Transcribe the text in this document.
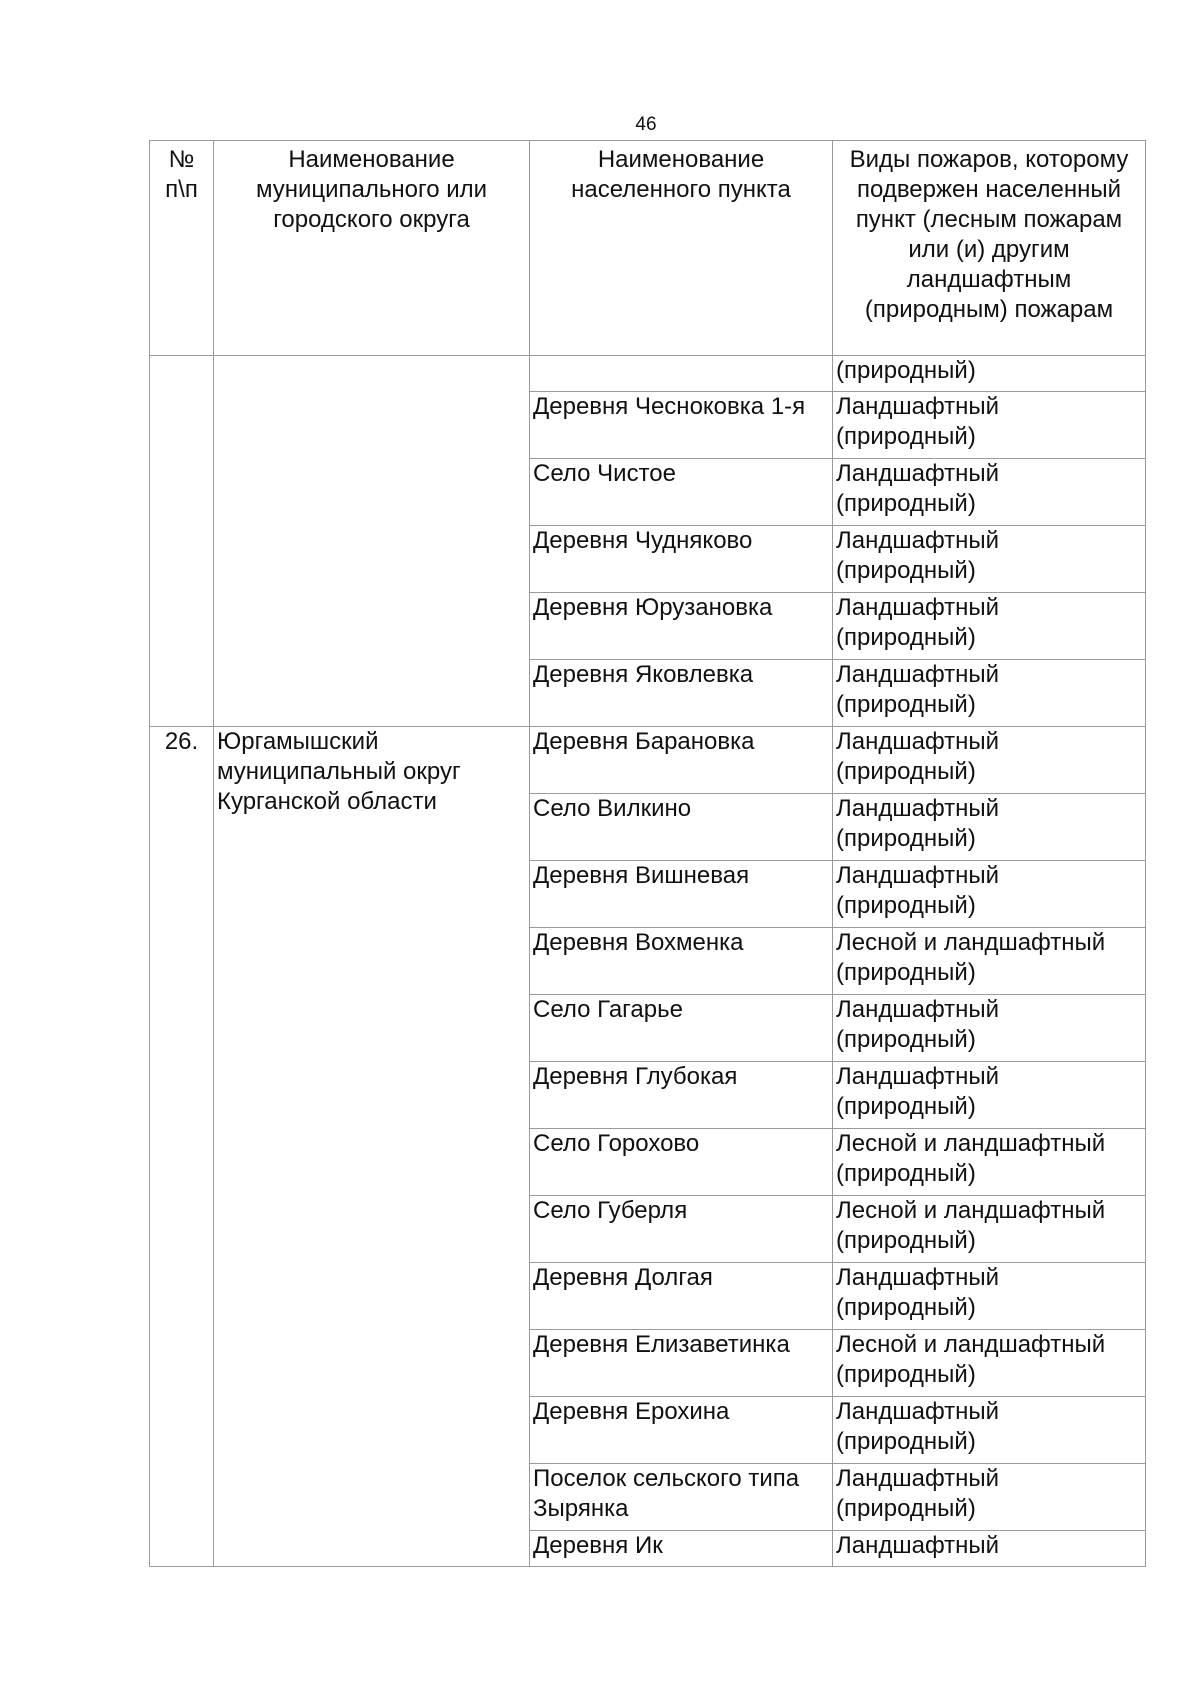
46
№ п\п	Наименование муниципального или городского округа	Наименование населенного пункта	Виды пожаров, которому подвержен населенный пункт (лесным пожарам или (и) другим ландшафтным (природным) пожарам
			(природный)
		Деревня Чесноковка 1-я	Ландшафтный (природный)
		Село Чистое	Ландшафтный (природный)
		Деревня Чудняково	Ландшафтный (природный)
		Деревня Юрузановка	Ландшафтный (природный)
		Деревня Яковлевка	Ландшафтный (природный)
26.	Юргамышский муниципальный округ Курганской области	Деревня Барановка	Ландшафтный (природный)
		Село Вилкино	Ландшафтный (природный)
		Деревня Вишневая	Ландшафтный (природный)
		Деревня Вохменка	Лесной и ландшафтный (природный)
		Село Гагарье	Ландшафтный (природный)
		Деревня Глубокая	Ландшафтный (природный)
		Село Горохово	Лесной и ландшафтный (природный)
		Село Губерля	Лесной и ландшафтный (природный)
		Деревня Долгая	Ландшафтный (природный)
		Деревня Елизаветинка	Лесной и ландшафтный (природный)
		Деревня Ерохина	Ландшафтный (природный)
		Поселок сельского типа Зырянка	Ландшафтный (природный)
		Деревня Ик	Ландшафтный
